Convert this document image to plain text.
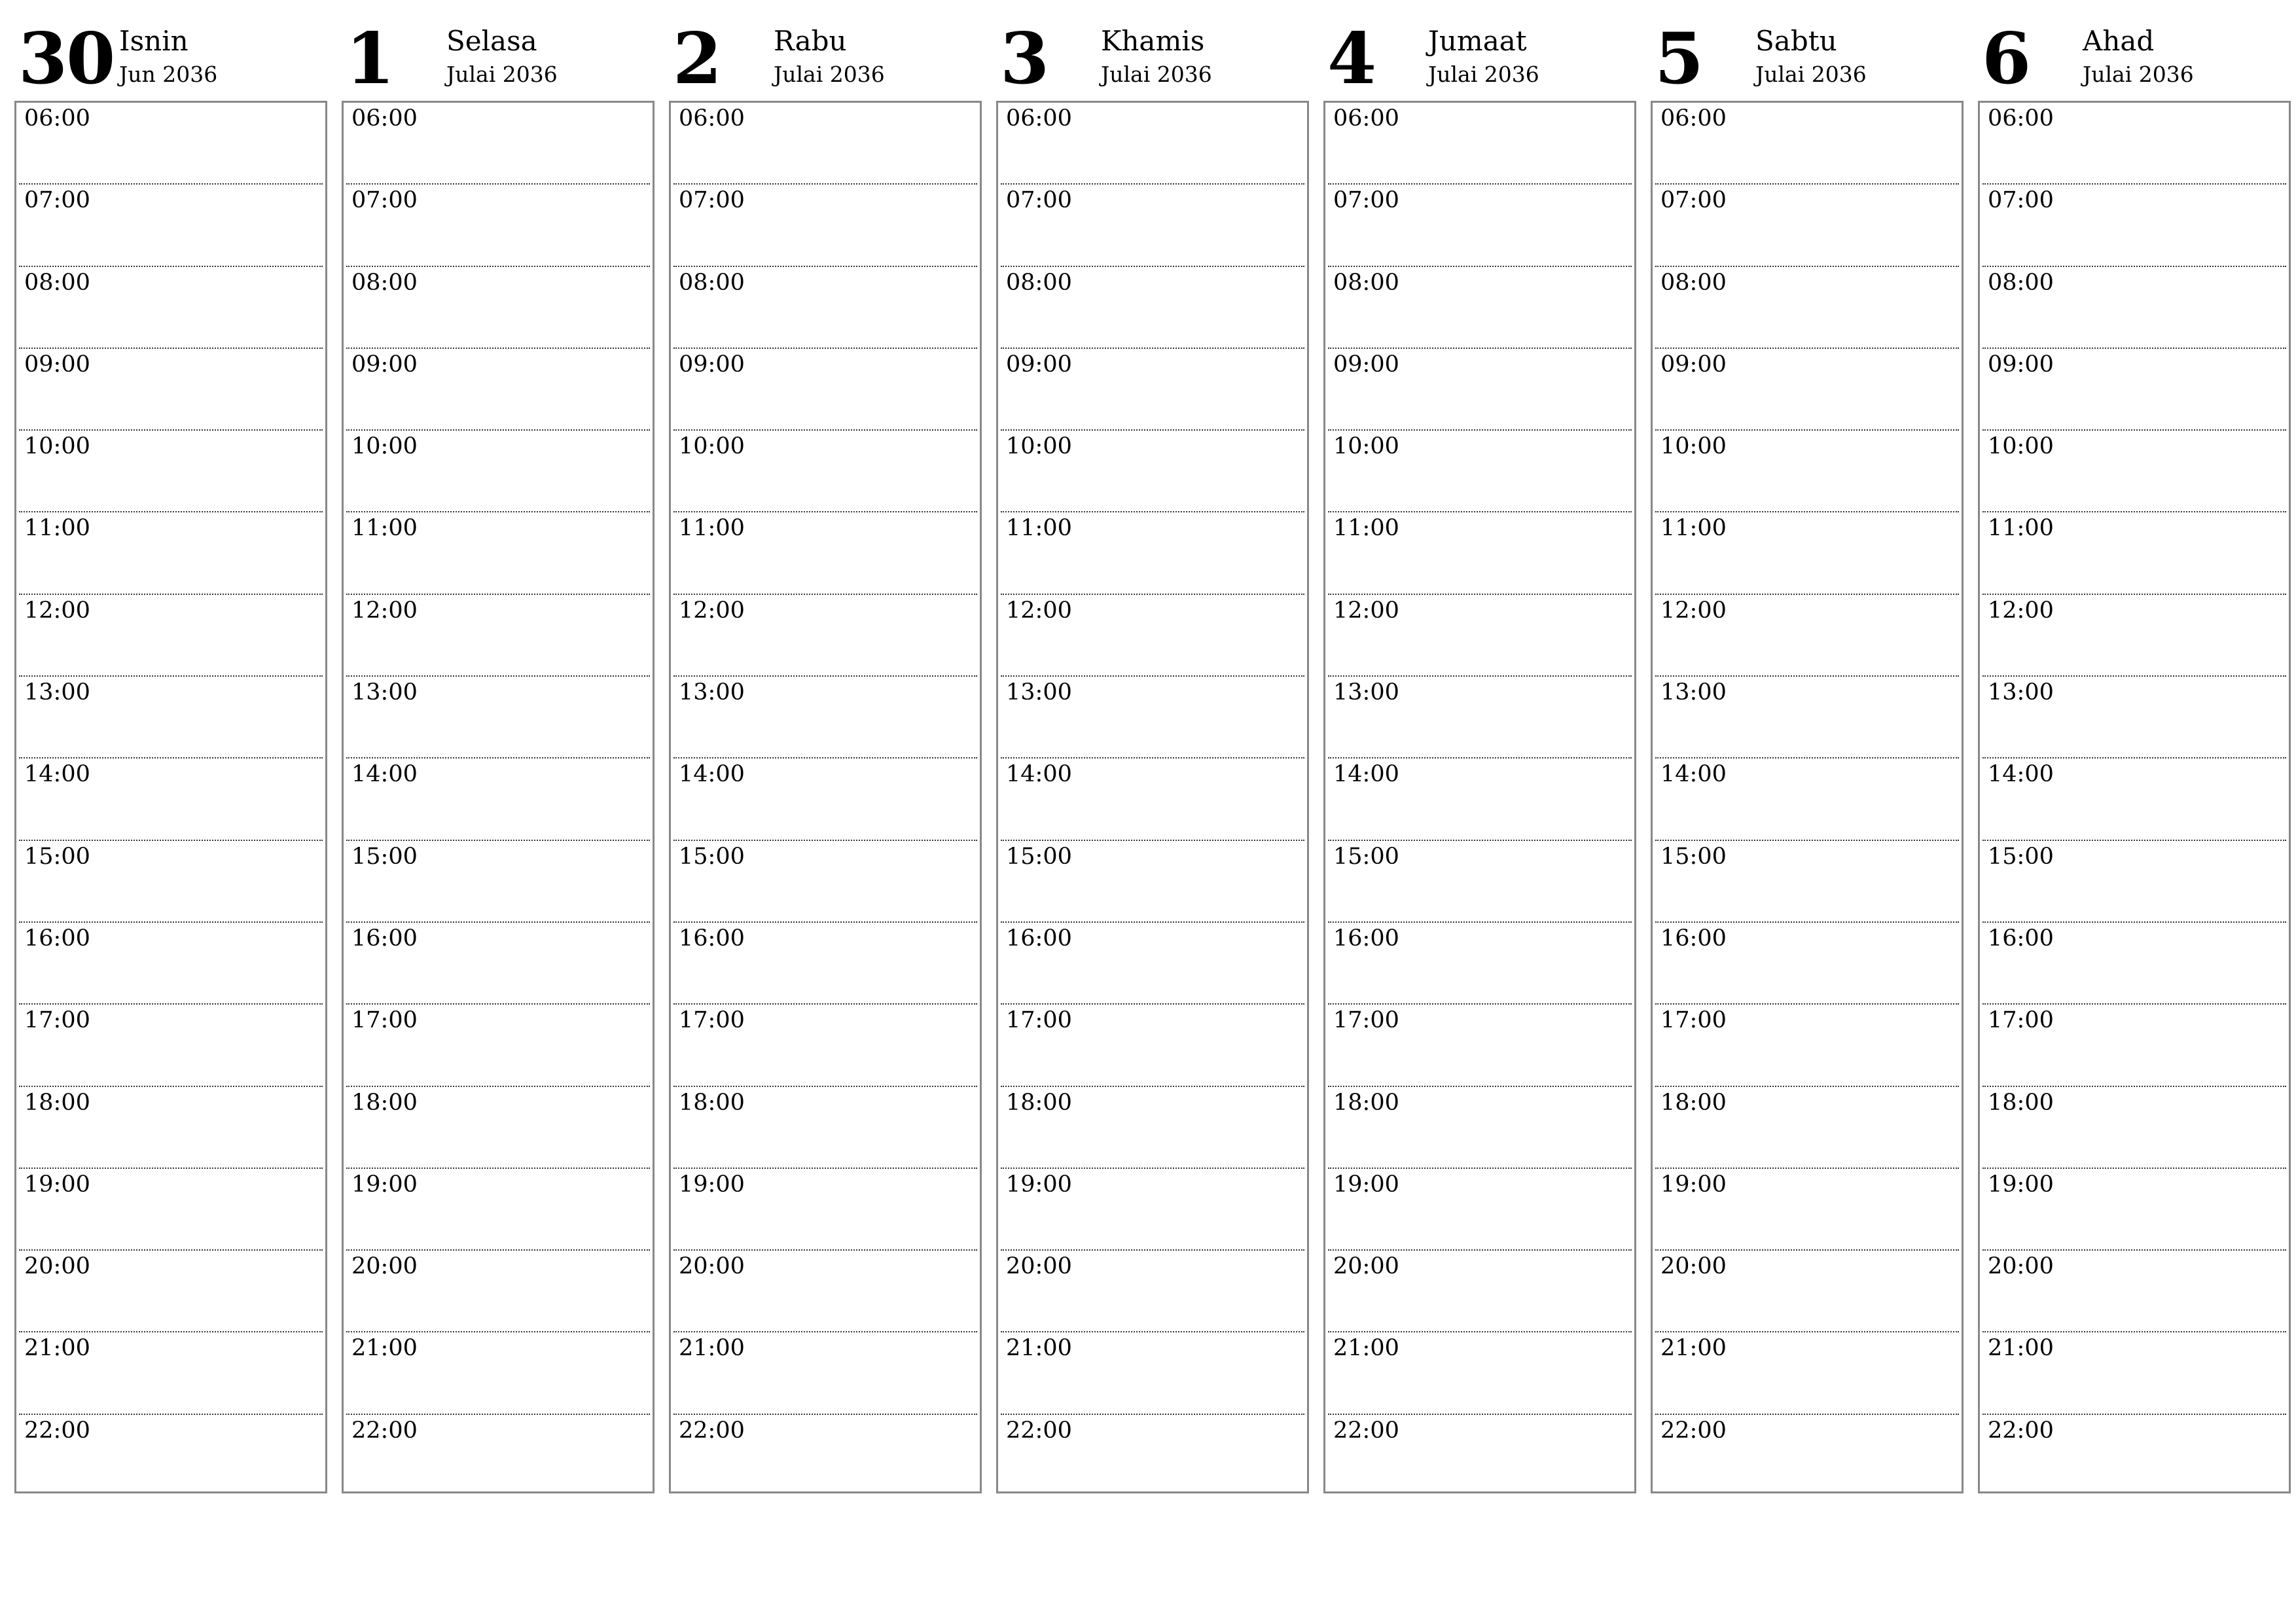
30 Isnin
Jun 2036
06:00
07:00
08:00
09:00
10:00
11:00
12:00
13:00
14:00
15:00
16:00
17:00
18:00
19:00
20:00
21:00
22:00
1 Selasa
Julai 2036
06:00
07:00
08:00
09:00
10:00
11:00
12:00
13:00
14:00
15:00
16:00
17:00
18:00
19:00
20:00
21:00
22:00
2 Rabu
Julai 2036
06:00
07:00
08:00
09:00
10:00
11:00
12:00
13:00
14:00
15:00
16:00
17:00
18:00
19:00
20:00
21:00
22:00
3 Khamis
Julai 2036
06:00
07:00
08:00
09:00
10:00
11:00
12:00
13:00
14:00
15:00
16:00
17:00
18:00
19:00
20:00
21:00
22:00
4 Jumaat
Julai 2036
06:00
07:00
08:00
09:00
10:00
11:00
12:00
13:00
14:00
15:00
16:00
17:00
18:00
19:00
20:00
21:00
22:00
5 Sabtu
Julai 2036
06:00
07:00
08:00
09:00
10:00
11:00
12:00
13:00
14:00
15:00
16:00
17:00
18:00
19:00
20:00
21:00
22:00
6 Ahad
Julai 2036
06:00
07:00
08:00
09:00
10:00
11:00
12:00
13:00
14:00
15:00
16:00
17:00
18:00
19:00
20:00
21:00
22:00
